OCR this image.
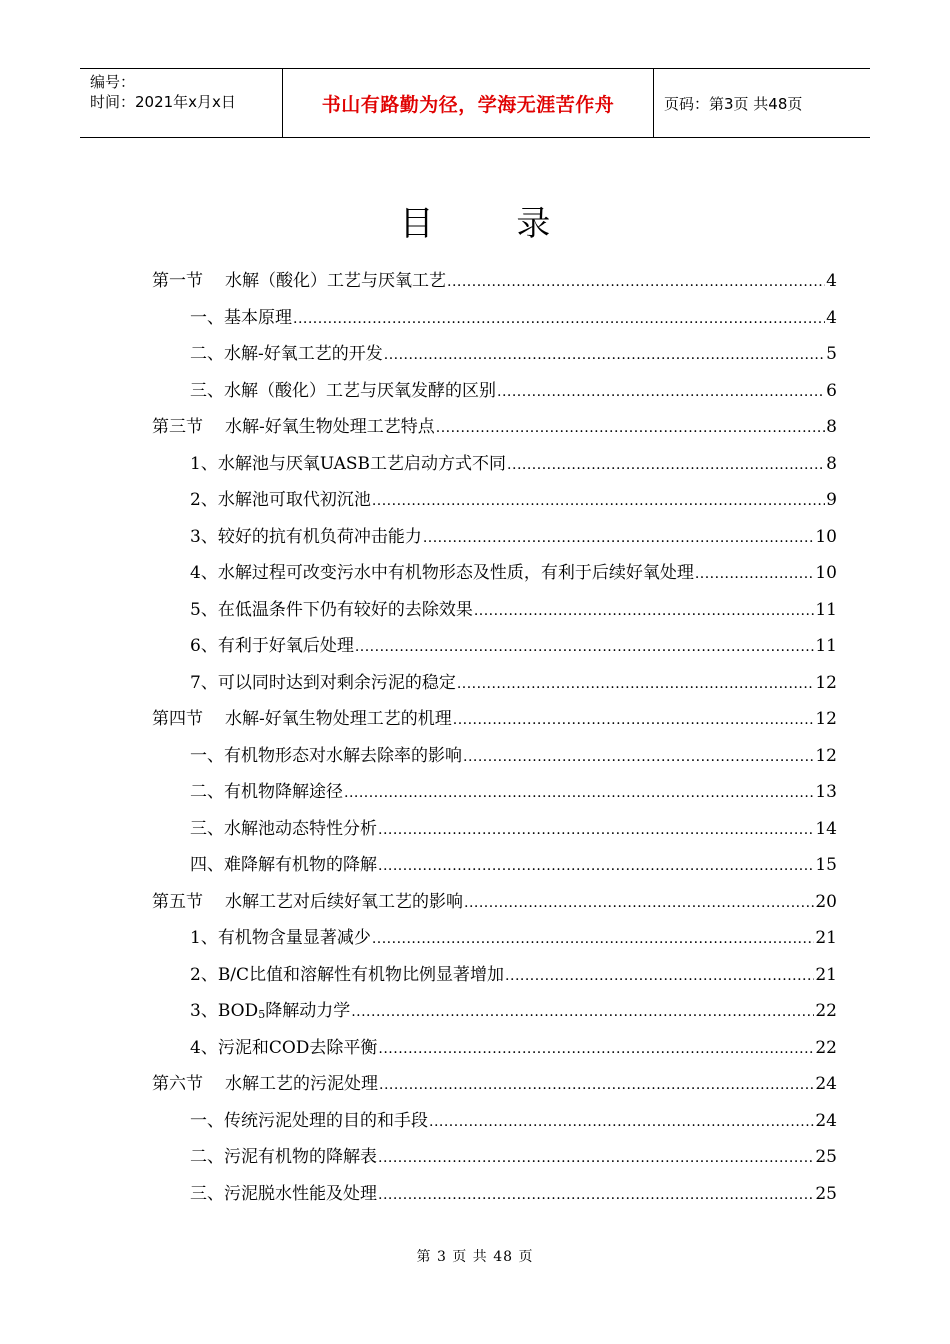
编号：
时间：2021年x月x日	书山有路勤为径，学海无涯苦作舟	页码：第3页 共48页
目 录
第一节 水解（酸化）工艺与厌氧工艺 .....	4
一、基本原理 .....	4
二、水解-好氧工艺的开发 .....	5
三、水解（酸化）工艺与厌氧发酵的区别 .....	6
第三节 水解-好氧生物处理工艺特点 .....	8
1、水解池与厌氧UASB工艺启动方式不同 .....	8
2、水解池可取代初沉池 .....	9
3、较好的抗有机负荷冲击能力 .....	10
4、水解过程可改变污水中有机物形态及性质，有利于后续好氧处理 .....	10
5、在低温条件下仍有较好的去除效果 .....	11
6、有利于好氧后处理 .....	11
7、可以同时达到对剩余污泥的稳定 .....	12
第四节 水解-好氧生物处理工艺的机理 .....	12
一、有机物形态对水解去除率的影响 .....	12
二、有机物降解途径 .....	13
三、水解池动态特性分析 .....	14
四、难降解有机物的降解 .....	15
第五节 水解工艺对后续好氧工艺的影响 .....	20
1、有机物含量显著减少 .....	21
2、B/C比值和溶解性有机物比例显著增加 .....	21
3、$BOD_5$降解动力学 .....	22
4、污泥和COD去除平衡 .....	22
第六节 水解工艺的污泥处理 .....	24
一、传统污泥处理的目的和手段 .....	24
二、污泥有机物的降解表 .....	25
三、污泥脱水性能及处理 .....	25
第 3 页 共 48 页
